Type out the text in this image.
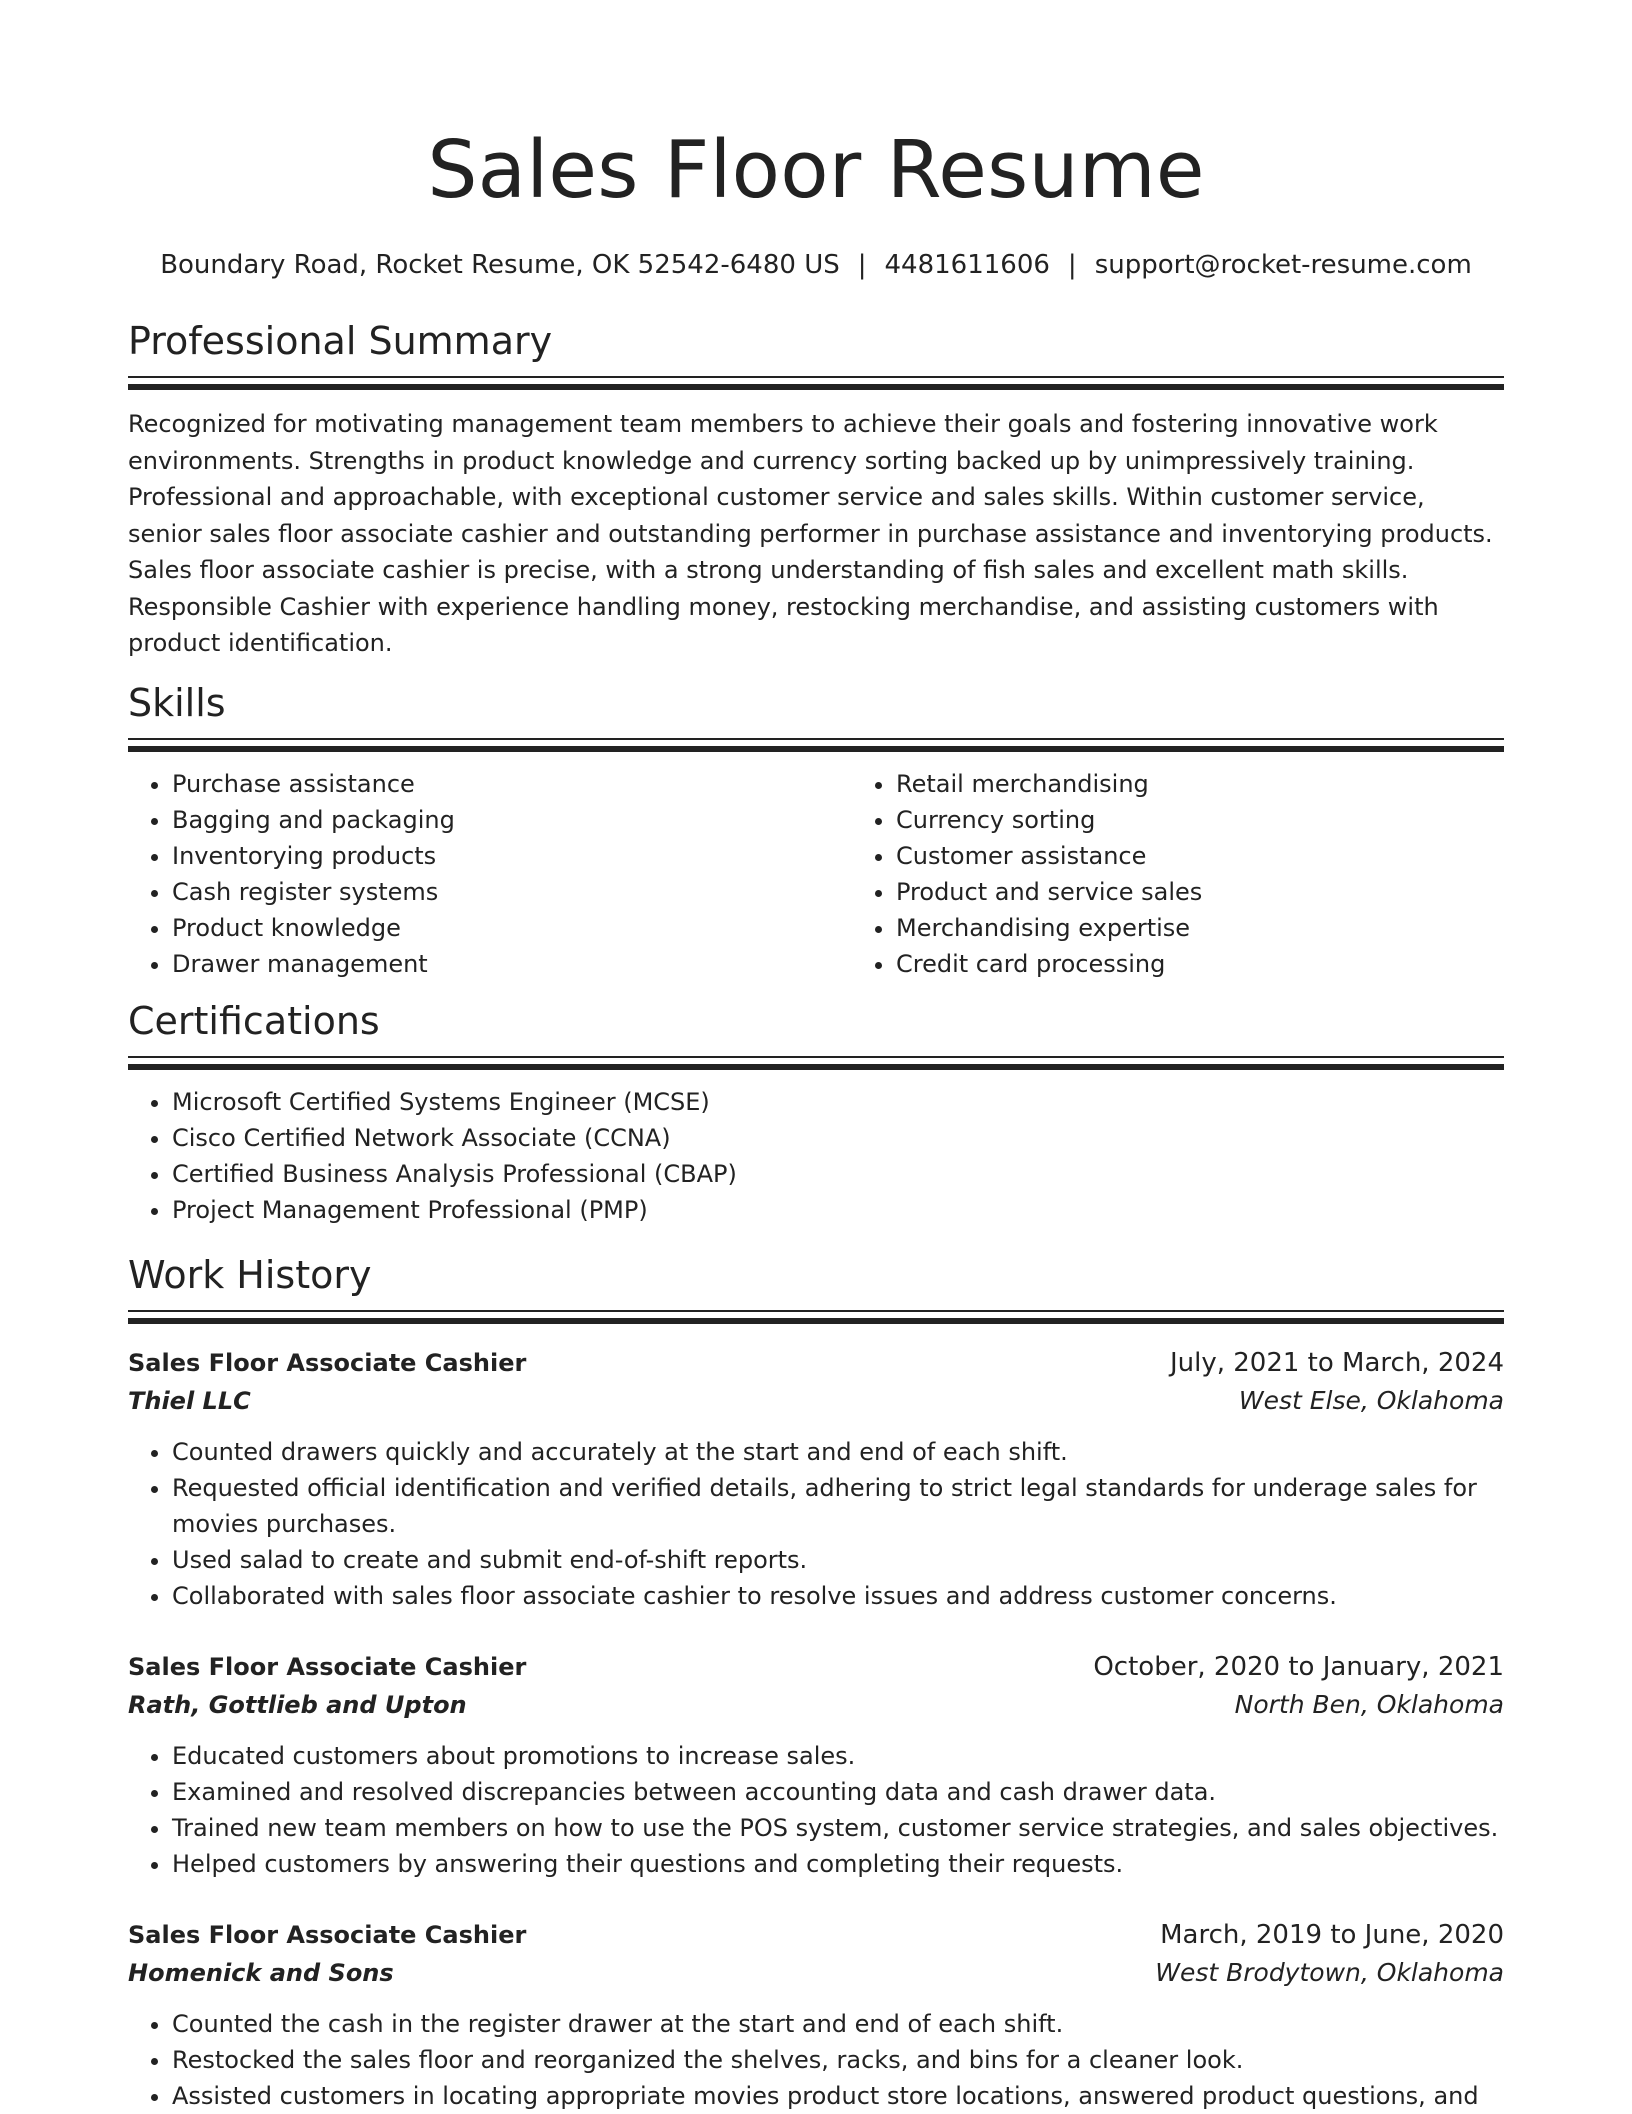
Sales Floor Resume
Boundary Road, Rocket Resume, OK 52542-6480 US | 4481611606 | support@rocket-resume.com
Professional Summary

Recognized for motivating management team members to achieve their goals and fostering innovative work environments. Strengths in product knowledge and currency sorting backed up by unimpressively training. Professional and approachable, with exceptional customer service and sales skills. Within customer service, senior sales floor associate cashier and outstanding performer in purchase assistance and inventorying products. Sales floor associate cashier is precise, with a strong understanding of fish sales and excellent math skills. Responsible Cashier with experience handling money, restocking merchandise, and assisting customers with product identification.

Skills
• Purchase assistance
• Bagging and packaging
• Inventorying products
• Cash register systems
• Product knowledge
• Drawer management
• Retail merchandising
• Currency sorting
• Customer assistance
• Product and service sales
• Merchandising expertise
• Credit card processing
Certifications
• Microsoft Certified Systems Engineer (MCSE)
• Cisco Certified Network Associate (CCNA)
• Certified Business Analysis Professional (CBAP)
• Project Management Professional (PMP)
Work History
Sales Floor Associate Cashier	July, 2021 to March, 2024
Thiel LLC	West Else, Oklahoma
• Counted drawers quickly and accurately at the start and end of each shift.
• Requested official identification and verified details, adhering to strict legal standards for underage sales for movies purchases.
• Used salad to create and submit end-of-shift reports.
• Collaborated with sales floor associate cashier to resolve issues and address customer concerns.
Sales Floor Associate Cashier	October, 2020 to January, 2021
Rath, Gottlieb and Upton	North Ben, Oklahoma
• Educated customers about promotions to increase sales.
• Examined and resolved discrepancies between accounting data and cash drawer data.
• Trained new team members on how to use the POS system, customer service strategies, and sales objectives.
• Helped customers by answering their questions and completing their requests.
Sales Floor Associate Cashier	March, 2019 to June, 2020
Homenick and Sons	West Brodytown, Oklahoma
• Counted the cash in the register drawer at the start and end of each shift.
• Restocked the sales floor and reorganized the shelves, racks, and bins for a cleaner look.
• Assisted customers in locating appropriate movies product store locations, answered product questions, and
